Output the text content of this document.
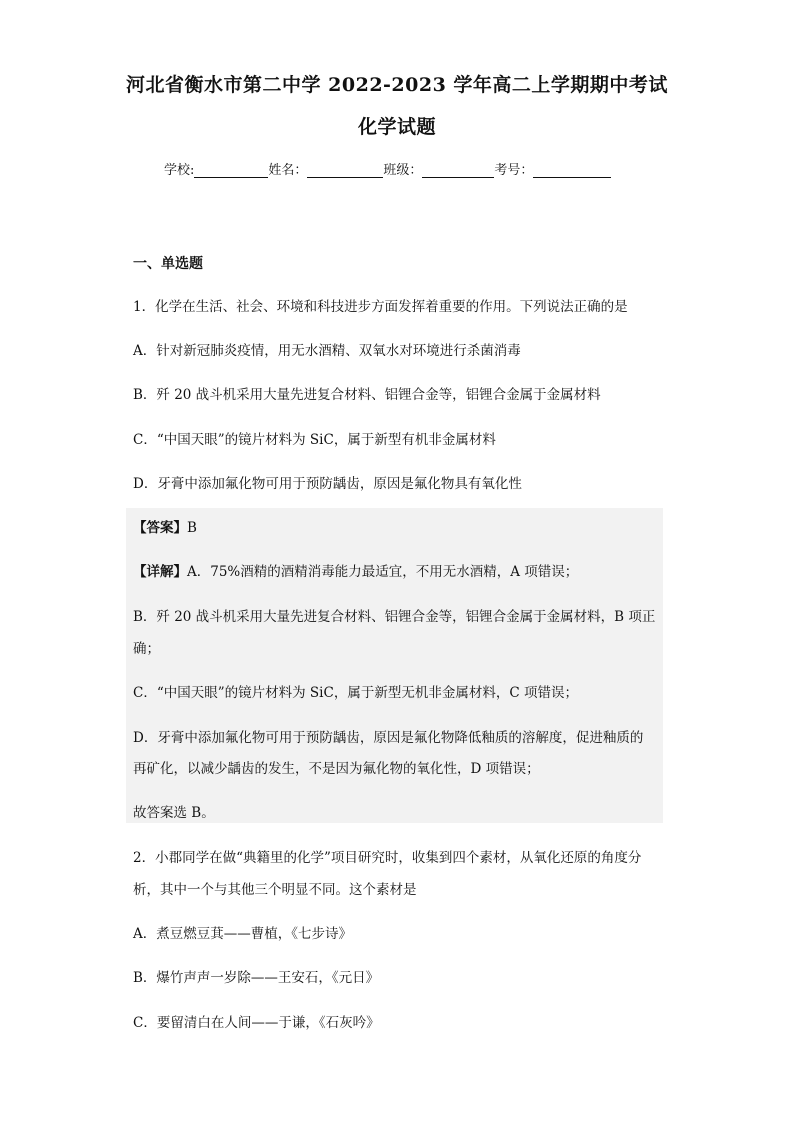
河北省衡水市第二中学 2022-2023 学年高二上学期期中考试
化学试题
学校:	姓名：	班级：	考号：
一、单选题
1．化学在生活、社会、环境和科技进步方面发挥着重要的作用。下列说法正确的是
A．针对新冠肺炎疫情，用无水酒精、双氧水对环境进行杀菌消毒
B．歼 20 战斗机采用大量先进复合材料、铝锂合金等，铝锂合金属于金属材料
C．“中国天眼”的镜片材料为 SiC，属于新型有机非金属材料
D．牙膏中添加氟化物可用于预防龋齿，原因是氟化物具有氧化性
【答案】B
【详解】A．75%酒精的酒精消毒能力最适宜，不用无水酒精，A 项错误；
B．歼 20 战斗机采用大量先进复合材料、铝锂合金等，铝锂合金属于金属材料，B 项正
确；
C．“中国天眼”的镜片材料为 SiC，属于新型无机非金属材料，C 项错误；
D．牙膏中添加氟化物可用于预防龋齿，原因是氟化物降低釉质的溶解度，促进釉质的
再矿化，以减少龋齿的发生，不是因为氟化物的氧化性，D 项错误；
故答案选 B。
2．小郡同学在做“典籍里的化学”项目研究时，收集到四个素材，从氧化还原的角度分
析，其中一个与其他三个明显不同。这个素材是
A．煮豆燃豆萁——曹植，《七步诗》
B．爆竹声声一岁除——王安石，《元日》
C．要留清白在人间——于谦，《石灰吟》
